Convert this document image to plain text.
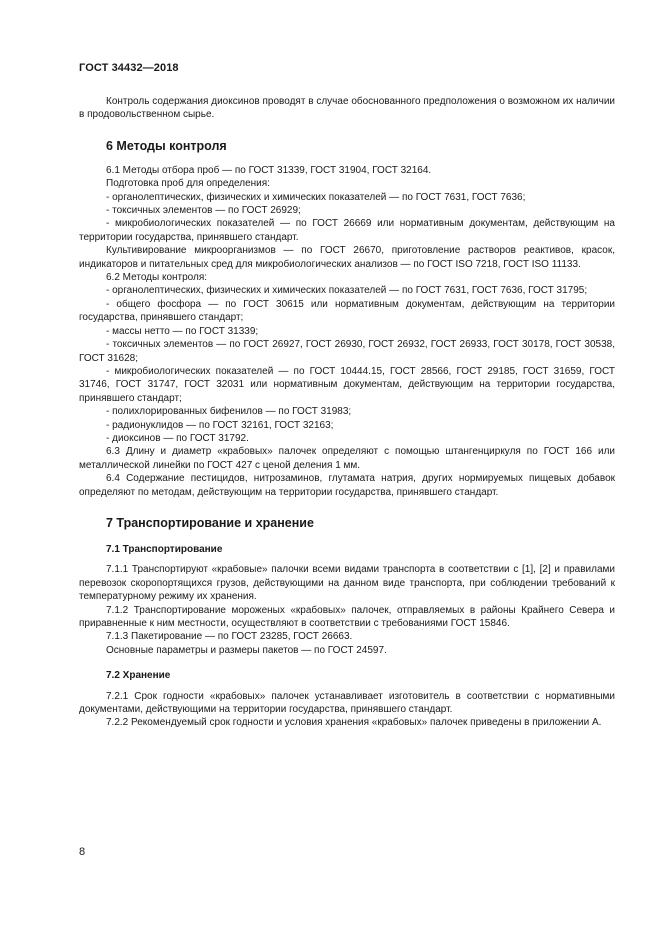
ГОСТ 34432—2018

Контроль содержания диоксинов проводят в случае обоснованного предположения о возможном их наличии в продовольственном сырье.

6 Методы контроля

6.1 Методы отбора проб — по ГОСТ 31339, ГОСТ 31904, ГОСТ 32164.

Подготовка проб для определения:

- органолептических, физических и химических показателей — по ГОСТ 7631, ГОСТ 7636;

- токсичных элементов — по ГОСТ 26929;

- микробиологических показателей — по ГОСТ 26669 или нормативным документам, действующим на территории государства, принявшего стандарт.

Культивирование микроорганизмов — по ГОСТ 26670, приготовление растворов реактивов, красок, индикаторов и питательных сред для микробиологических анализов — по ГОСТ ISO 7218, ГОСТ ISO 11133.

6.2 Методы контроля:

- органолептических, физических и химических показателей — по ГОСТ 7631, ГОСТ 7636, ГОСТ 31795;

- общего фосфора — по ГОСТ 30615 или нормативным документам, действующим на территории государства, принявшего стандарт;

- массы нетто — по ГОСТ 31339;

- токсичных элементов — по ГОСТ 26927, ГОСТ 26930, ГОСТ 26932, ГОСТ 26933, ГОСТ 30178, ГОСТ 30538, ГОСТ 31628;

- микробиологических показателей — по ГОСТ 10444.15, ГОСТ 28566, ГОСТ 29185, ГОСТ 31659, ГОСТ 31746, ГОСТ 31747, ГОСТ 32031 или нормативным документам, действующим на территории государства, принявшего стандарт;

- полихлорированных бифенилов — по ГОСТ 31983;

- радионуклидов — по ГОСТ 32161, ГОСТ 32163;

- диоксинов — по ГОСТ 31792.

6.3 Длину и диаметр «крабовых» палочек определяют с помощью штангенциркуля по ГОСТ 166 или металлической линейки по ГОСТ 427 с ценой деления 1 мм.

6.4 Содержание пестицидов, нитрозаминов, глутамата натрия, других нормируемых пищевых добавок определяют по методам, действующим на территории государства, принявшего стандарт.

7 Транспортирование и хранение

7.1 Транспортирование

7.1.1 Транспортируют «крабовые» палочки всеми видами транспорта в соответствии с [1], [2] и правилами перевозок скоропортящихся грузов, действующими на данном виде транспорта, при соблюдении требований к температурному режиму их хранения.

7.1.2 Транспортирование мороженых «крабовых» палочек, отправляемых в районы Крайнего Севера и приравненные к ним местности, осуществляют в соответствии с требованиями ГОСТ 15846.

7.1.3 Пакетирование — по ГОСТ 23285, ГОСТ 26663.

Основные параметры и размеры пакетов — по ГОСТ 24597.

7.2 Хранение

7.2.1 Срок годности «крабовых» палочек устанавливает изготовитель в соответствии с нормативными документами, действующими на территории государства, принявшего стандарт.

7.2.2 Рекомендуемый срок годности и условия хранения «крабовых» палочек приведены в приложении А.

8
